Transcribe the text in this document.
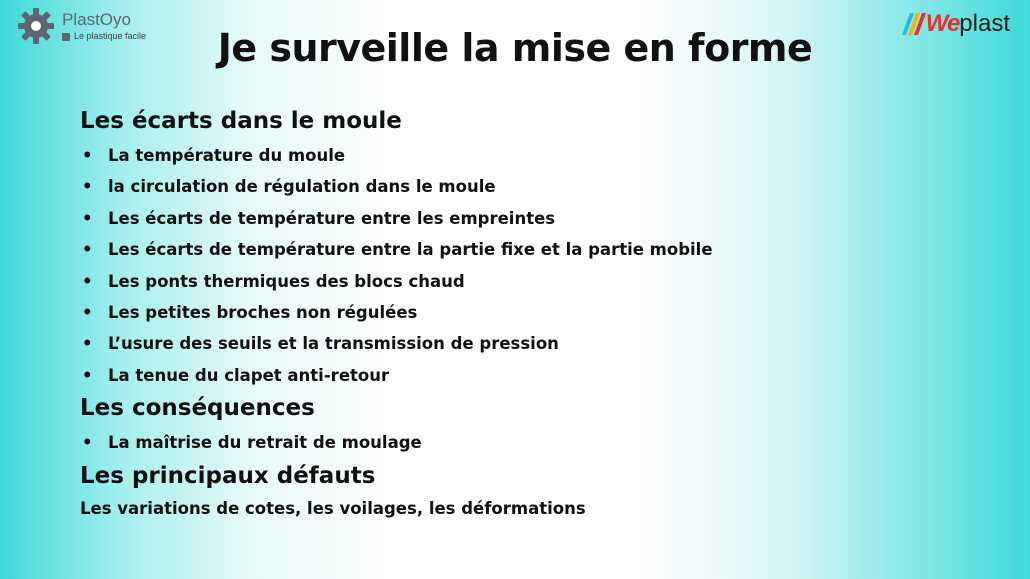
PlastOyo
Le plastique facile	We plast
Je surveille la mise en forme
Les écarts dans le moule
• La température du moule
• la circulation de régulation dans le moule
• Les écarts de température entre les empreintes
• Les écarts de température entre la partie fixe et la partie mobile
• Les ponts thermiques des blocs chaud
• Les petites broches non régulées
• L’usure des seuils et la transmission de pression
• La tenue du clapet anti-retour
Les conséquences
• La maîtrise du retrait de moulage
Les principaux défauts
Les variations de cotes, les voilages, les déformations
